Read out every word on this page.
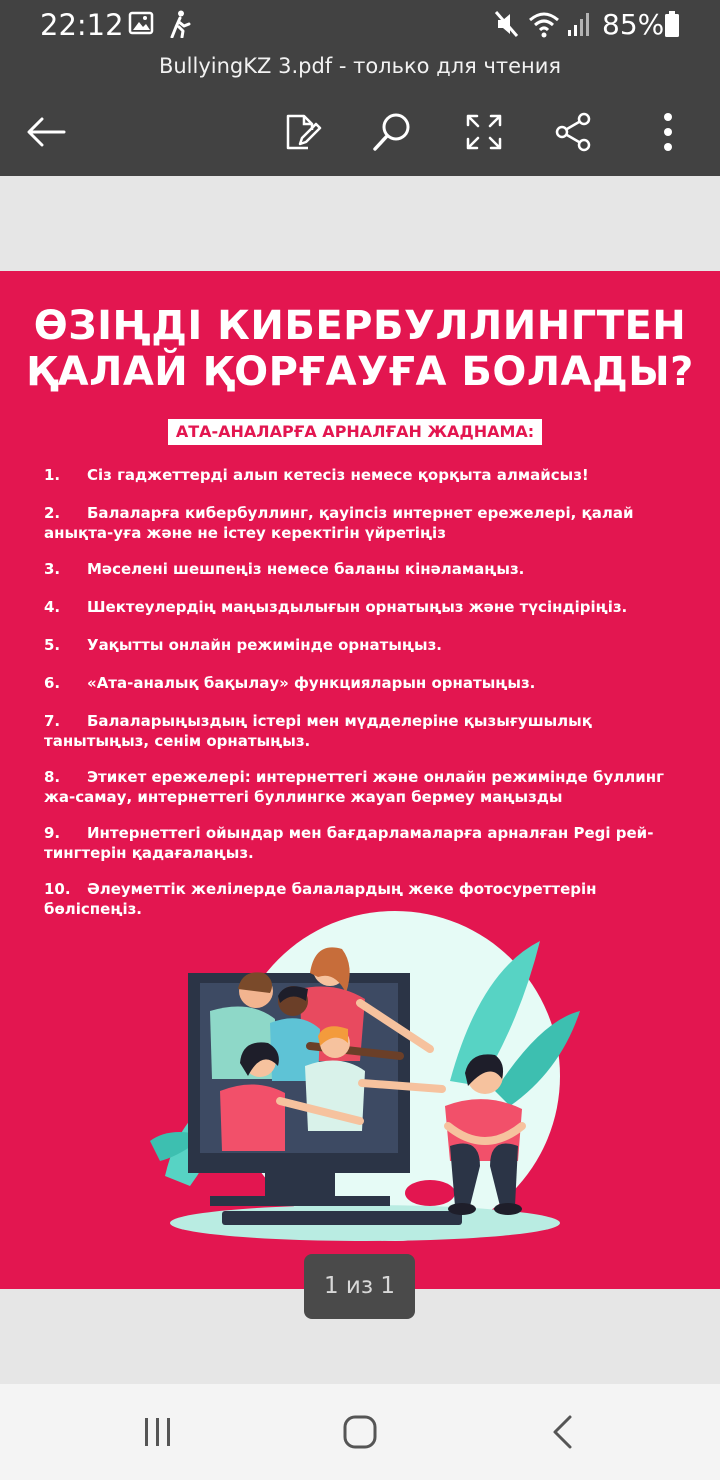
22:12	85%
BullyingKZ 3.pdf - только для чтения
ӨЗІҢДІ КИБЕРБУЛЛИНГТЕН
ҚАЛАЙ ҚОРҒАУҒА БОЛАДЫ?
АТА-АНАЛАРҒА АРНАЛҒАН ЖАДНАМА:
1.	Сіз гаджеттерді алып кетесіз немесе қорқыта алмайсыз!
2.	Балаларға кибербуллинг, қауіпсіз интернет ережелері, қалай анықта-уға және не істеу керектігін үйретіңіз
3.	Мәселені шешпеңіз немесе баланы кінәламаңыз.
4.	Шектеулердің маңыздылығын орнатыңыз және түсіндіріңіз.
5.	Уақытты онлайн режимінде орнатыңыз.
6.	«Ата-аналық бақылау» функцияларын орнатыңыз.
7.	Балаларыңыздың істері мен мүдделеріне қызығушылық танытыңыз, сенім орнатыңыз.
8.	Этикет ережелері: интернеттегі және онлайн режимінде буллинг жа-самау, интернеттегі буллингке жауап бермеу маңызды
9.	Интернеттегі ойындар мен бағдарламаларға арналған Pegi рей-тингтерін қадағалаңыз.
10.	Әлеуметтік желілерде балалардың жеке фотосуреттерін бөліспеңіз.
1 из 1
